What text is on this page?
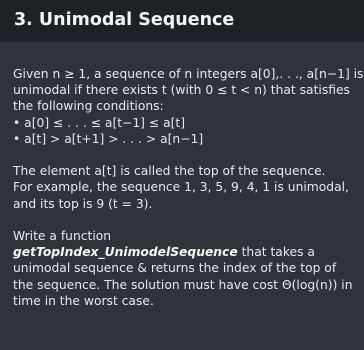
3. Unimodal Sequence
Given n ≥ 1, a sequence of n integers a[0],. . ., a[n−1] is
unimodal if there exists t (with 0 ≤ t < n) that satisfies
the following conditions:
• a[0] ≤ . . . ≤ a[t−1] ≤ a[t]
• a[t] > a[t+1] > . . . > a[n−1]
The element a[t] is called the top of the sequence.
For example, the sequence 1, 3, 5, 9, 4, 1 is unimodal,
and its top is 9 (t = 3).
Write a function
getTopIndex_UnimodelSequence that takes a
unimodal sequence & returns the index of the top of
the sequence. The solution must have cost Θ(log(n)) in
time in the worst case.
